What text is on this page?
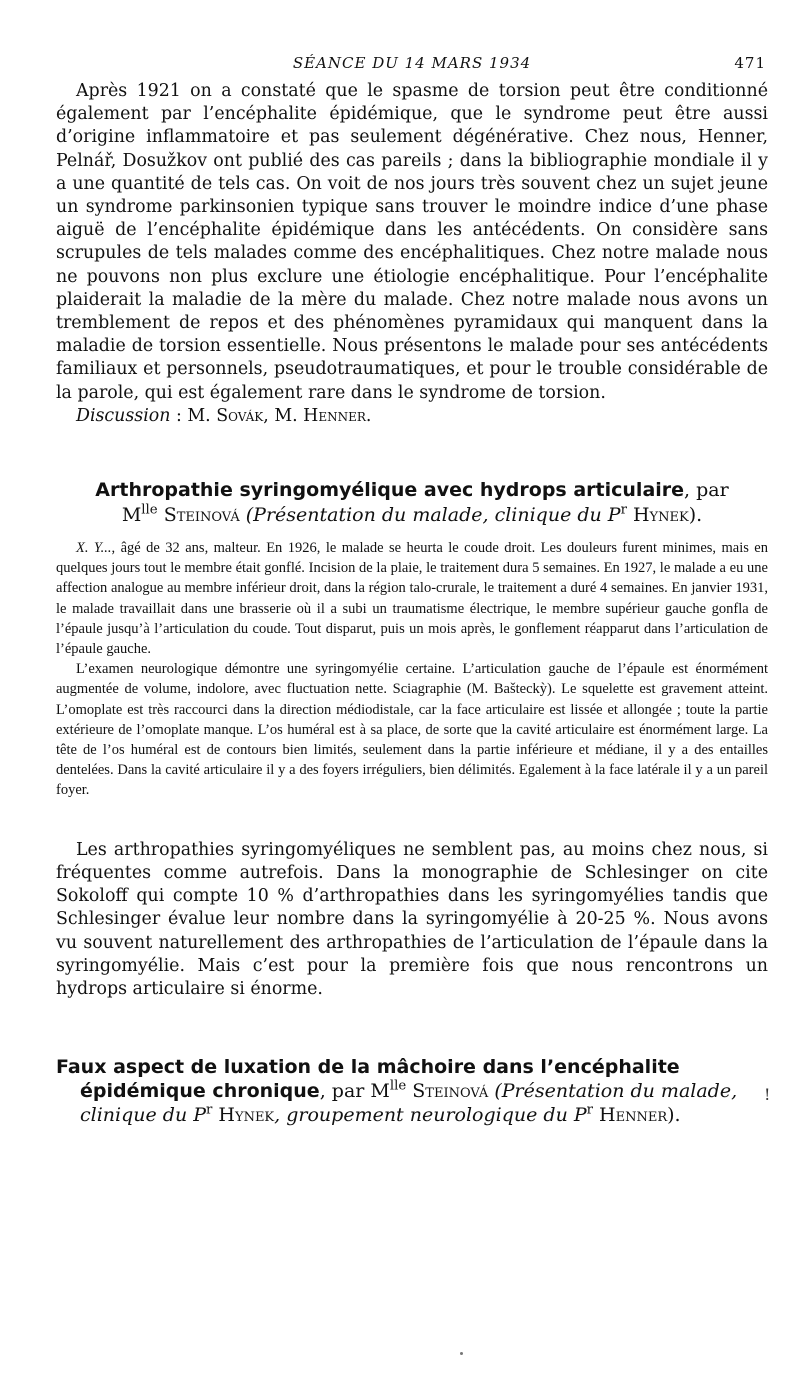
SÉANCE DU 14 MARS 1934	471

Après 1921 on a constaté que le spasme de torsion peut être conditionné également par l’encéphalite épidémique, que le syndrome peut être aussi d’origine inflammatoire et pas seulement dégénérative. Chez nous, Henner, Pelnář, Dosužkov ont publié des cas pareils ; dans la bibliographie mondiale il y a une quantité de tels cas. On voit de nos jours très souvent chez un sujet jeune un syndrome parkinsonien typique sans trouver le moindre indice d’une phase aiguë de l’encéphalite épidémique dans les antécédents. On considère sans scrupules de tels malades comme des encéphalitiques. Chez notre malade nous ne pouvons non plus exclure une étiologie encéphalitique. Pour l’encéphalite plaiderait la maladie de la mère du malade. Chez notre malade nous avons un tremblement de repos et des phénomènes pyramidaux qui manquent dans la maladie de torsion essentielle. Nous présentons le malade pour ses antécédents familiaux et personnels, pseudotraumatiques, et pour le trouble considérable de la parole, qui est également rare dans le syndrome de torsion.

Discussion : M. Sovák, M. Henner.

Arthropathie syringomyélique avec hydrops articulaire, par
$M^{lle}$ Steinová (Présentation du malade, clinique du $P^r$ Hynek).

X. Y..., âgé de 32 ans, malteur. En 1926, le malade se heurta le coude droit. Les douleurs furent minimes, mais en quelques jours tout le membre était gonflé. Incision de la plaie, le traitement dura 5 semaines. En 1927, le malade a eu une affection analogue au membre inférieur droit, dans la région talo-crurale, le traitement a duré 4 semaines. En janvier 1931, le malade travaillait dans une brasserie où il a subi un traumatisme électrique, le membre supérieur gauche gonfla de l’épaule jusqu’à l’articulation du coude. Tout disparut, puis un mois après, le gonflement réapparut dans l’articulation de l’épaule gauche.

L’examen neurologique démontre une syringomyélie certaine. L’articulation gauche de l’épaule est énormément augmentée de volume, indolore, avec fluctuation nette. Sciagraphie (M. Bašteckỳ). Le squelette est gravement atteint. L’omoplate est très raccourci dans la direction médiodistale, car la face articulaire est lissée et allongée ; toute la partie extérieure de l’omoplate manque. L’os huméral est à sa place, de sorte que la cavité articulaire est énormément large. La tête de l’os huméral est de contours bien limités, seulement dans la partie inférieure et médiane, il y a des entailles dentelées. Dans la cavité articulaire il y a des foyers irréguliers, bien délimités. Egalement à la face latérale il y a un pareil foyer.

Les arthropathies syringomyéliques ne semblent pas, au moins chez nous, si fréquentes comme autrefois. Dans la monographie de Schlesinger on cite Sokoloff qui compte 10 % d’arthropathies dans les syringomyélies tandis que Schlesinger évalue leur nombre dans la syringomyélie à 20-25 %. Nous avons vu souvent naturellement des arthropathies de l’articulation de l’épaule dans la syringomyélie. Mais c’est pour la première fois que nous rencontrons un hydrops articulaire si énorme.

Faux aspect de luxation de la mâchoire dans l’encéphalite épidémique chronique, par $M^{lle}$ Steinová (Présentation du malade, clinique du $P^r$ Hynek, groupement neurologique du $P^r$ Henner).
!
